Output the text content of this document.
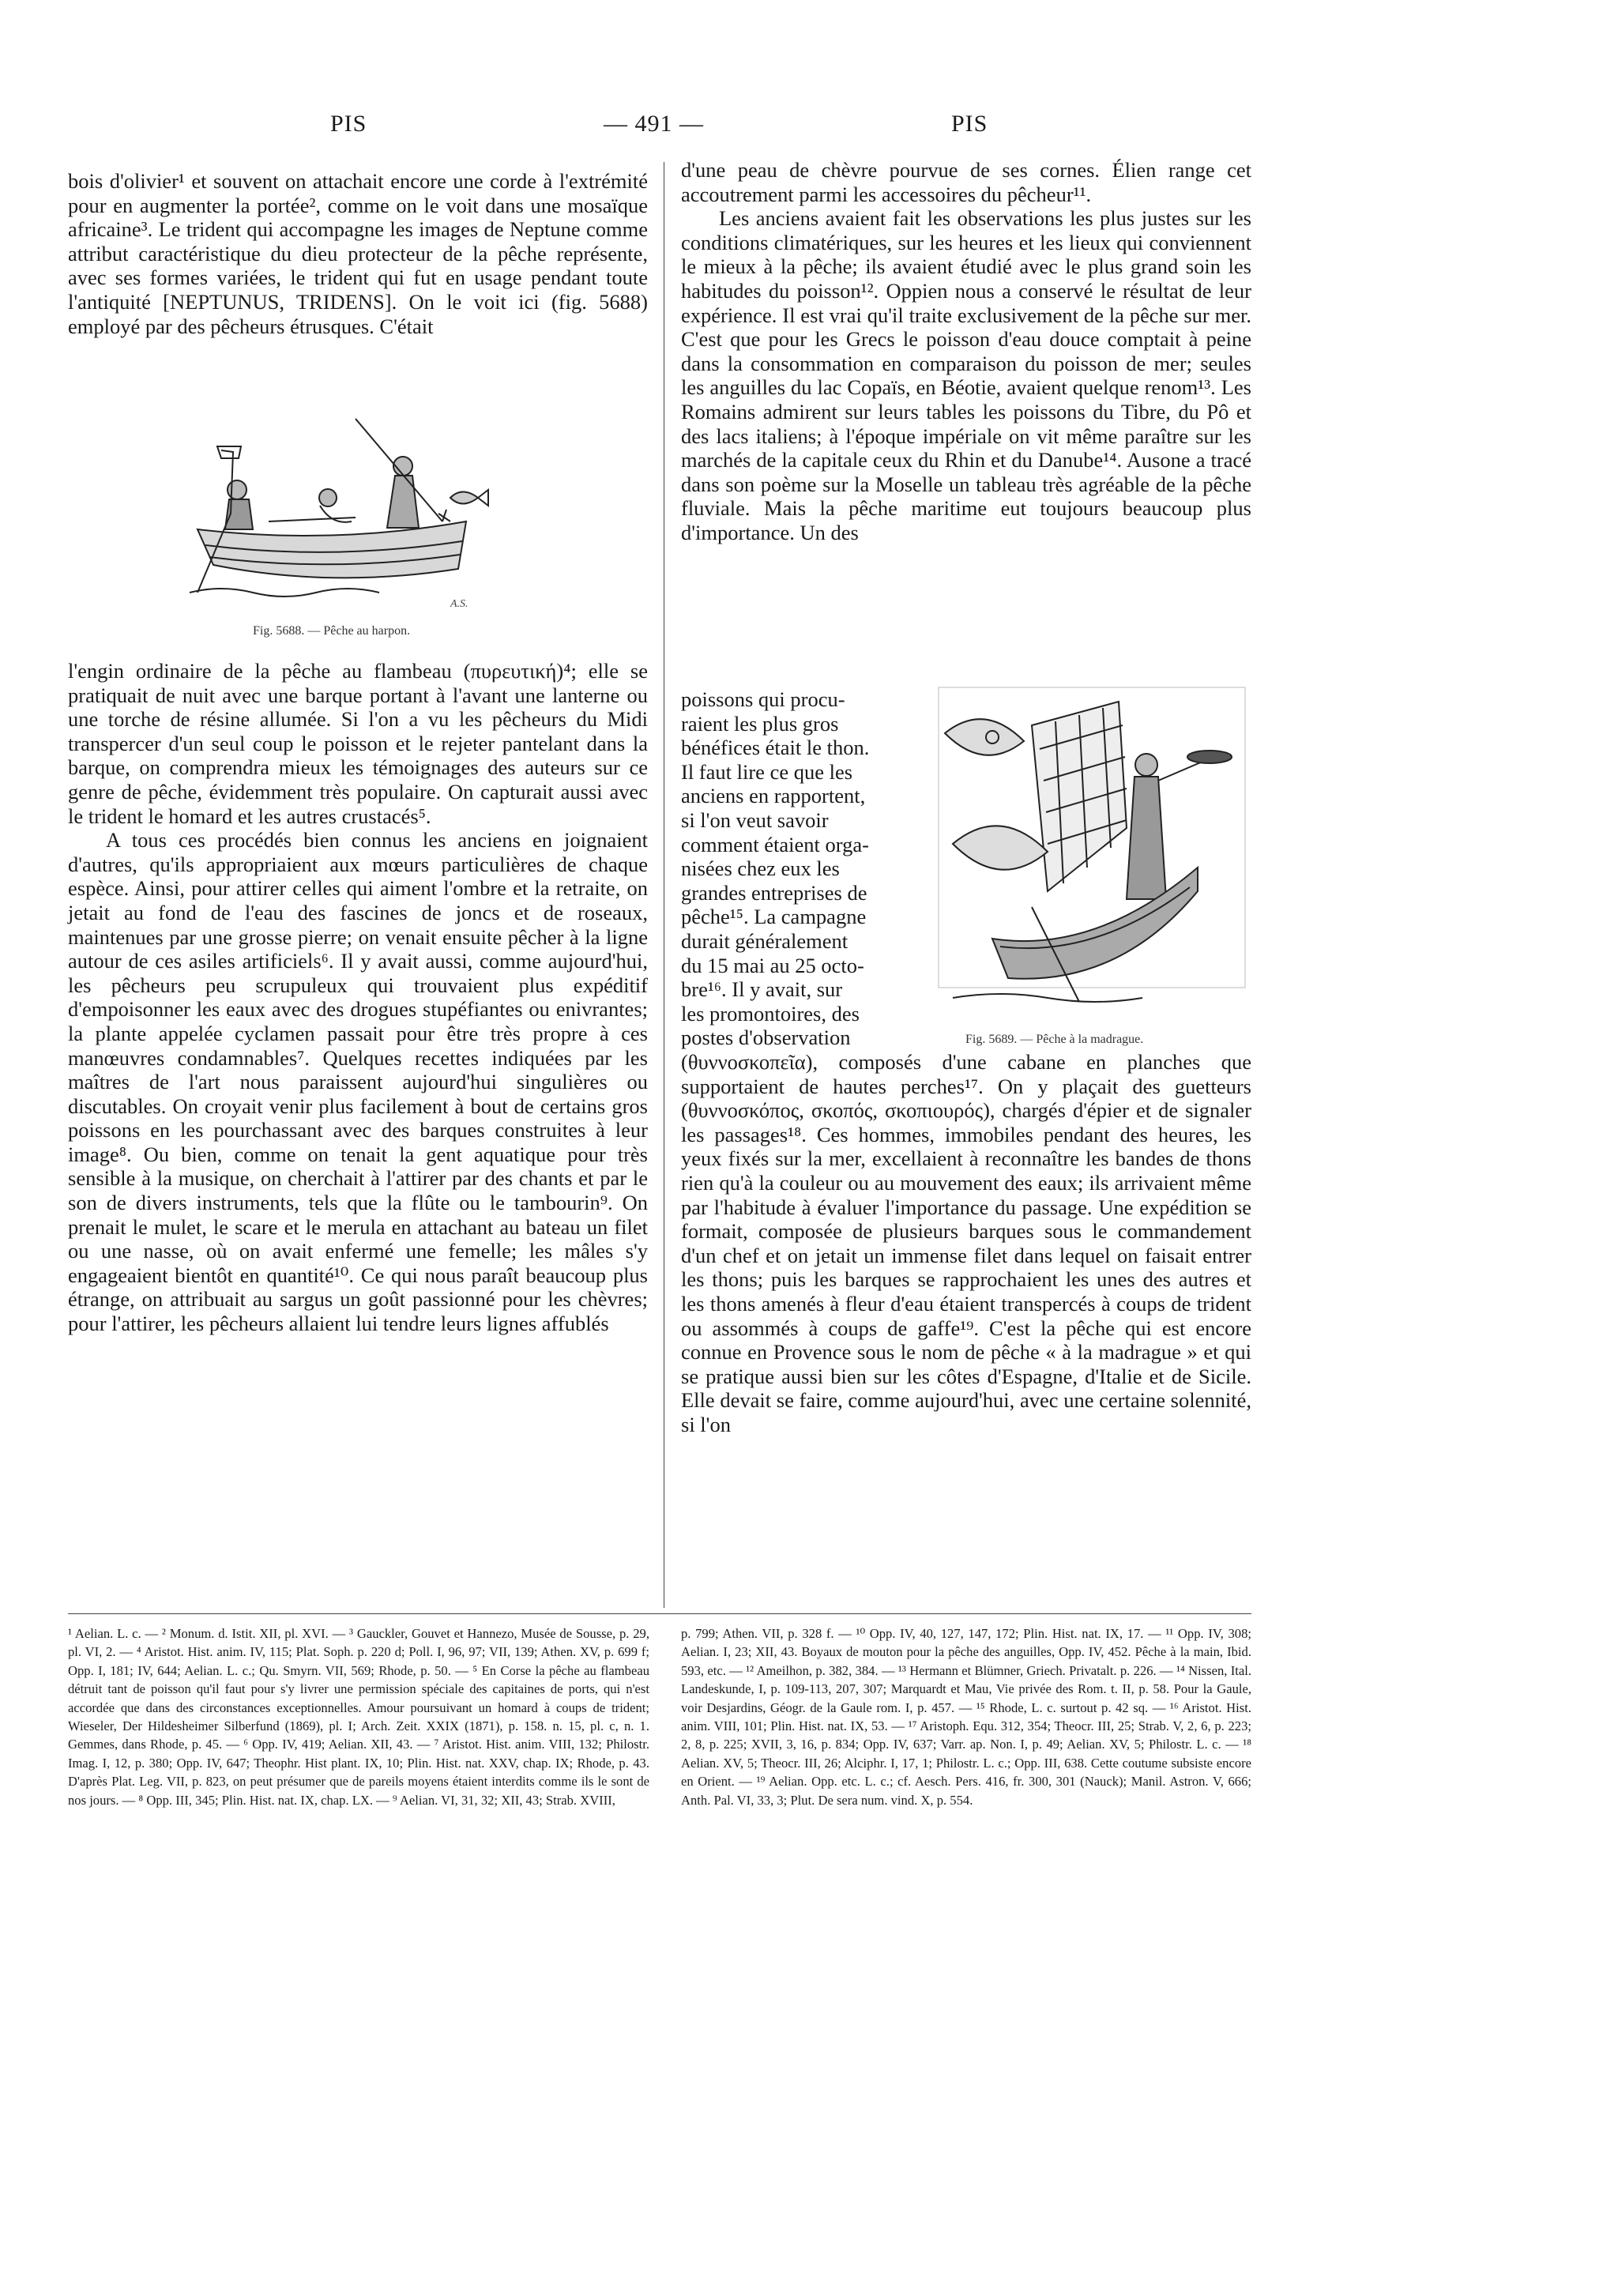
PIS	— 491 —	PIS

bois d'olivier¹ et souvent on attachait encore une corde à l'extrémité pour en augmenter la portée², comme on le voit dans une mosaïque africaine³. Le trident qui accompagne les images de Neptune comme attribut caractéristique du dieu protecteur de la pêche représente, avec ses formes variées, le trident qui fut en usage pendant toute l'antiquité [NEPTUNUS, TRIDENS]. On le voit ici (fig. 5688) employé par des pêcheurs étrusques. C'était

A.S.
Fig. 5688. — Pêche au harpon.

l'engin ordinaire de la pêche au flambeau (πυρευτική)⁴; elle se pratiquait de nuit avec une barque portant à l'avant une lanterne ou une torche de résine allumée. Si l'on a vu les pêcheurs du Midi transpercer d'un seul coup le poisson et le rejeter pantelant dans la barque, on comprendra mieux les témoignages des auteurs sur ce genre de pêche, évidemment très populaire. On capturait aussi avec le trident le homard et les autres crustacés⁵.

A tous ces procédés bien connus les anciens en joignaient d'autres, qu'ils appropriaient aux mœurs particulières de chaque espèce. Ainsi, pour attirer celles qui aiment l'ombre et la retraite, on jetait au fond de l'eau des fascines de joncs et de roseaux, maintenues par une grosse pierre; on venait ensuite pêcher à la ligne autour de ces asiles artificiels⁶. Il y avait aussi, comme aujourd'hui, les pêcheurs peu scrupuleux qui trouvaient plus expéditif d'empoisonner les eaux avec des drogues stupéfiantes ou enivrantes; la plante appelée cyclamen passait pour être très propre à ces manœuvres condamnables⁷. Quelques recettes indiquées par les maîtres de l'art nous paraissent aujourd'hui singulières ou discutables. On croyait venir plus facilement à bout de certains gros poissons en les pourchassant avec des barques construites à leur image⁸. Ou bien, comme on tenait la gent aquatique pour très sensible à la musique, on cherchait à l'attirer par des chants et par le son de divers instruments, tels que la flûte ou le tambourin⁹. On prenait le mulet, le scare et le merula en attachant au bateau un filet ou une nasse, où on avait enfermé une femelle; les mâles s'y engageaient bientôt en quantité¹⁰. Ce qui nous paraît beaucoup plus étrange, on attribuait au sargus un goût passionné pour les chèvres; pour l'attirer, les pêcheurs allaient lui tendre leurs lignes affublés

d'une peau de chèvre pourvue de ses cornes. Élien range cet accoutrement parmi les accessoires du pêcheur¹¹.

Les anciens avaient fait les observations les plus justes sur les conditions climatériques, sur les heures et les lieux qui conviennent le mieux à la pêche; ils avaient étudié avec le plus grand soin les habitudes du poisson¹². Oppien nous a conservé le résultat de leur expérience. Il est vrai qu'il traite exclusivement de la pêche sur mer. C'est que pour les Grecs le poisson d'eau douce comptait à peine dans la consommation en comparaison du poisson de mer; seules les anguilles du lac Copaïs, en Béotie, avaient quelque renom¹³. Les Romains admirent sur leurs tables les poissons du Tibre, du Pô et des lacs italiens; à l'époque impériale on vit même paraître sur les marchés de la capitale ceux du Rhin et du Danube¹⁴. Ausone a tracé dans son poème sur la Moselle un tableau très agréable de la pêche fluviale. Mais la pêche maritime eut toujours beaucoup plus d'importance. Un des

poissons qui procu-
raient les plus gros
bénéfices était le thon.
Il faut lire ce que les
anciens en rapportent,
si l'on veut savoir
comment étaient orga-
nisées chez eux les
grandes entreprises de
pêche¹⁵. La campagne
durait généralement
du 15 mai au 25 octo-
bre¹⁶. Il y avait, sur
les promontoires, des
postes d'observation	Fig. 5689. — Pêche à la madrague.

(θυννοσκοπεῖα), composés d'une cabane en planches que supportaient de hautes perches¹⁷. On y plaçait des guetteurs (θυννοσκόπος, σκοπός, σκοπιουρός), chargés d'épier et de signaler les passages¹⁸. Ces hommes, immobiles pendant des heures, les yeux fixés sur la mer, excellaient à reconnaître les bandes de thons rien qu'à la couleur ou au mouvement des eaux; ils arrivaient même par l'habitude à évaluer l'importance du passage. Une expédition se formait, composée de plusieurs barques sous le commandement d'un chef et on jetait un immense filet dans lequel on faisait entrer les thons; puis les barques se rapprochaient les unes des autres et les thons amenés à fleur d'eau étaient transpercés à coups de trident ou assommés à coups de gaffe¹⁹. C'est la pêche qui est encore connue en Provence sous le nom de pêche « à la madrague » et qui se pratique aussi bien sur les côtes d'Espagne, d'Italie et de Sicile. Elle devait se faire, comme aujourd'hui, avec une certaine solennité, si l'on

¹ Aelian. L. c. — ² Monum. d. Istit. XII, pl. XVI. — ³ Gauckler, Gouvet et Hannezo, Musée de Sousse, p. 29, pl. VI, 2. — ⁴ Aristot. Hist. anim. IV, 115; Plat. Soph. p. 220 d; Poll. I, 96, 97; VII, 139; Athen. XV, p. 699 f; Opp. I, 181; IV, 644; Aelian. L. c.; Qu. Smyrn. VII, 569; Rhode, p. 50. — ⁵ En Corse la pêche au flambeau détruit tant de poisson qu'il faut pour s'y livrer une permission spéciale des capitaines de ports, qui n'est accordée que dans des circonstances exceptionnelles. Amour poursuivant un homard à coups de trident; Wieseler, Der Hildesheimer Silberfund (1869), pl. I; Arch. Zeit. XXIX (1871), p. 158. n. 15, pl. c, n. 1. Gemmes, dans Rhode, p. 45. — ⁶ Opp. IV, 419; Aelian. XII, 43. — ⁷ Aristot. Hist. anim. VIII, 132; Philostr. Imag. I, 12, p. 380; Opp. IV, 647; Theophr. Hist plant. IX, 10; Plin. Hist. nat. XXV, chap. IX; Rhode, p. 43. D'après Plat. Leg. VII, p. 823, on peut présumer que de pareils moyens étaient interdits comme ils le sont de nos jours. — ⁸ Opp. III, 345; Plin. Hist. nat. IX, chap. LX. — ⁹ Aelian. VI, 31, 32; XII, 43; Strab. XVIII,
p. 799; Athen. VII, p. 328 f. — ¹⁰ Opp. IV, 40, 127, 147, 172; Plin. Hist. nat. IX, 17. — ¹¹ Opp. IV, 308; Aelian. I, 23; XII, 43. Boyaux de mouton pour la pêche des anguilles, Opp. IV, 452. Pêche à la main, Ibid. 593, etc. — ¹² Ameilhon, p. 382, 384. — ¹³ Hermann et Blümner, Griech. Privatalt. p. 226. — ¹⁴ Nissen, Ital. Landeskunde, I, p. 109-113, 207, 307; Marquardt et Mau, Vie privée des Rom. t. II, p. 58. Pour la Gaule, voir Desjardins, Géogr. de la Gaule rom. I, p. 457. — ¹⁵ Rhode, L. c. surtout p. 42 sq. — ¹⁶ Aristot. Hist. anim. VIII, 101; Plin. Hist. nat. IX, 53. — ¹⁷ Aristoph. Equ. 312, 354; Theocr. III, 25; Strab. V, 2, 6, p. 223; 2, 8, p. 225; XVII, 3, 16, p. 834; Opp. IV, 637; Varr. ap. Non. I, p. 49; Aelian. XV, 5; Philostr. L. c. — ¹⁸ Aelian. XV, 5; Theocr. III, 26; Alciphr. I, 17, 1; Philostr. L. c.; Opp. III, 638. Cette coutume subsiste encore en Orient. — ¹⁹ Aelian. Opp. etc. L. c.; cf. Aesch. Pers. 416, fr. 300, 301 (Nauck); Manil. Astron. V, 666; Anth. Pal. VI, 33, 3; Plut. De sera num. vind. X, p. 554.
